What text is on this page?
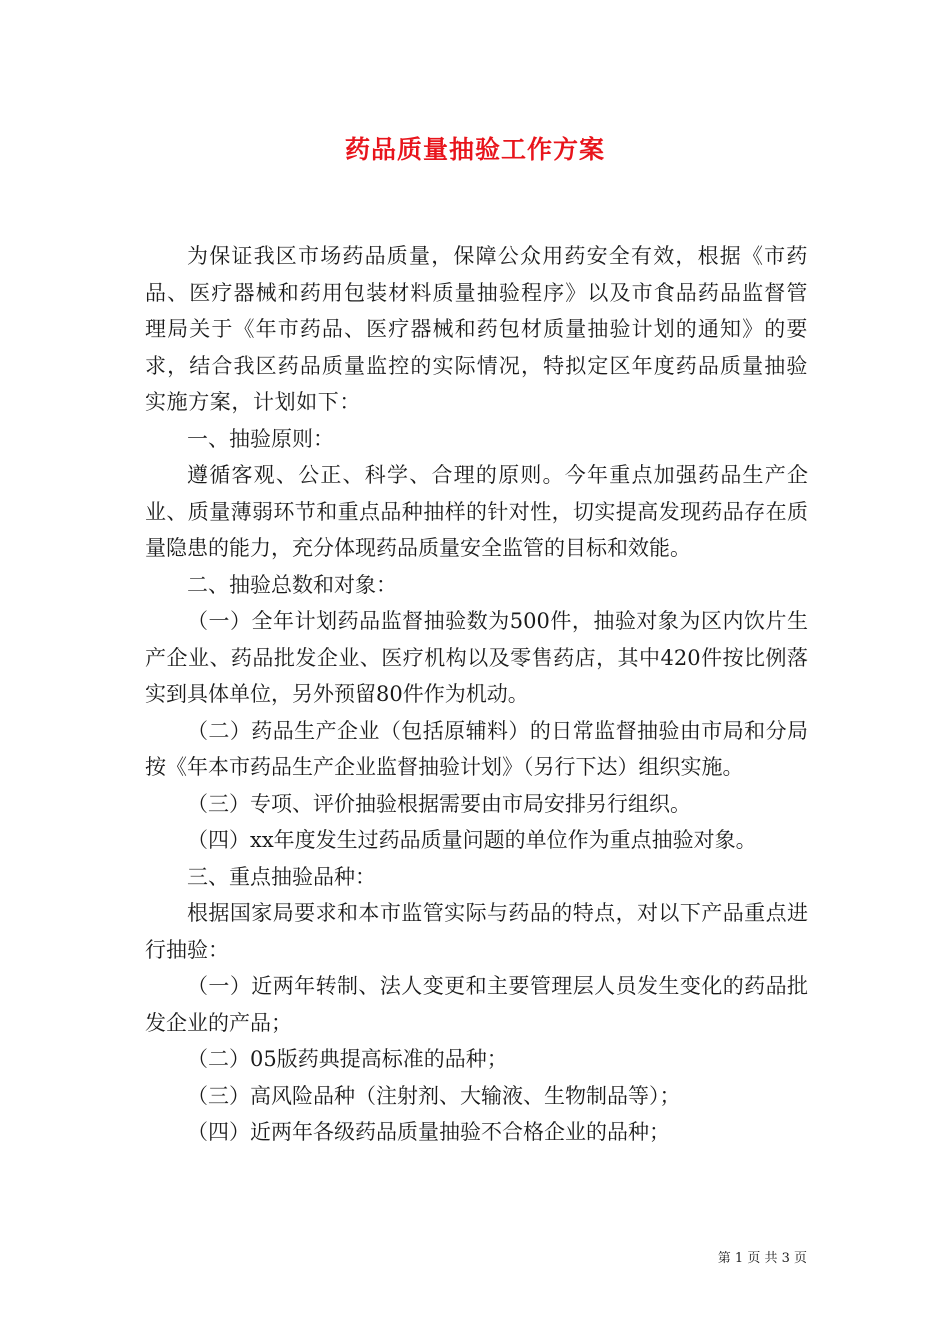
药品质量抽验工作方案

为保证我区市场药品质量，保障公众用药安全有效，根据《市药品、医疗器械和药用包装材料质量抽验程序》以及市食品药品监督管理局关于《年市药品、医疗器械和药包材质量抽验计划的通知》的要求，结合我区药品质量监控的实际情况，特拟定区年度药品质量抽验实施方案，计划如下：

一、抽验原则：

遵循客观、公正、科学、合理的原则。今年重点加强药品生产企业、质量薄弱环节和重点品种抽样的针对性，切实提高发现药品存在质量隐患的能力，充分体现药品质量安全监管的目标和效能。

二、抽验总数和对象：

（一）全年计划药品监督抽验数为500件，抽验对象为区内饮片生产企业、药品批发企业、医疗机构以及零售药店，其中420件按比例落实到具体单位，另外预留80件作为机动。

（二）药品生产企业（包括原辅料）的日常监督抽验由市局和分局按《年本市药品生产企业监督抽验计划》（另行下达）组织实施。

（三）专项、评价抽验根据需要由市局安排另行组织。

（四）xx年度发生过药品质量问题的单位作为重点抽验对象。

三、重点抽验品种：

根据国家局要求和本市监管实际与药品的特点，对以下产品重点进行抽验：

（一）近两年转制、法人变更和主要管理层人员发生变化的药品批发企业的产品；

（二）05版药典提高标准的品种；

（三）高风险品种（注射剂、大输液、生物制品等）；

（四）近两年各级药品质量抽验不合格企业的品种；

第 1 页 共 3 页
